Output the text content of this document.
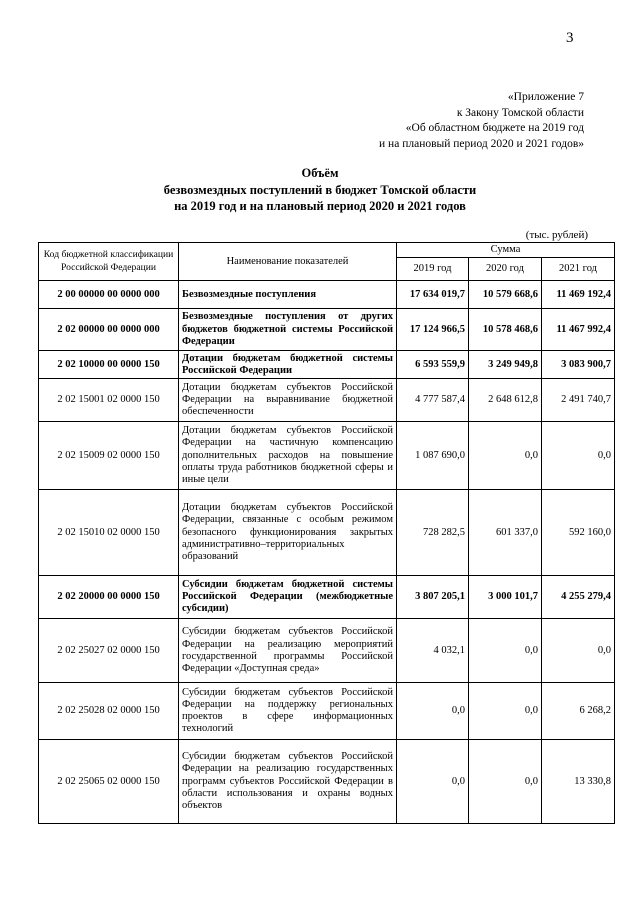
3
«Приложение 7
к Закону Томской области
«Об областном бюджете на 2019 год
и на плановый период 2020 и 2021 годов»
Объём
безвозмездных поступлений в бюджет Томской области
на 2019 год и на плановый период 2020 и 2021 годов
(тыс. рублей)
Код бюджетной классификации Российской Федерации	Наименование показателей	Сумма		
		2019 год	2020 год	2021 год
2 00 00000 00 0000 000	Безвозмездные поступления	17 634 019,7	10 579 668,6	11 469 192,4
2 02 00000 00 0000 000	Безвозмездные поступления от других бюджетов бюджетной системы Российской Федерации	17 124 966,5	10 578 468,6	11 467 992,4
2 02 10000 00 0000 150	Дотации бюджетам бюджетной системы Российской Федерации	6 593 559,9	3 249 949,8	3 083 900,7
2 02 15001 02 0000 150	Дотации бюджетам субъектов Российской Федерации на выравнивание бюджетной обеспеченности	4 777 587,4	2 648 612,8	2 491 740,7
2 02 15009 02 0000 150	Дотации бюджетам субъектов Российской Федерации на частичную компенсацию дополнительных расходов на повышение оплаты труда работников бюджетной сферы и иные цели	1 087 690,0	0,0	0,0
2 02 15010 02 0000 150	Дотации бюджетам субъектов Российской Федерации, связанные с особым режимом безопасного функционирования закрытых административно–территориальных образований	728 282,5	601 337,0	592 160,0
2 02 20000 00 0000 150	Субсидии бюджетам бюджетной системы Российской Федерации (межбюджетные субсидии)	3 807 205,1	3 000 101,7	4 255 279,4
2 02 25027 02 0000 150	Субсидии бюджетам субъектов Российской Федерации на реализацию мероприятий государственной программы Российской Федерации «Доступная среда»	4 032,1	0,0	0,0
2 02 25028 02 0000 150	Субсидии бюджетам субъектов Российской Федерации на поддержку региональных проектов в сфере информационных технологий	0,0	0,0	6 268,2
2 02 25065 02 0000 150	Субсидии бюджетам субъектов Российской Федерации на реализацию государственных программ субъектов Российской Федерации в области использования и охраны водных объектов	0,0	0,0	13 330,8
